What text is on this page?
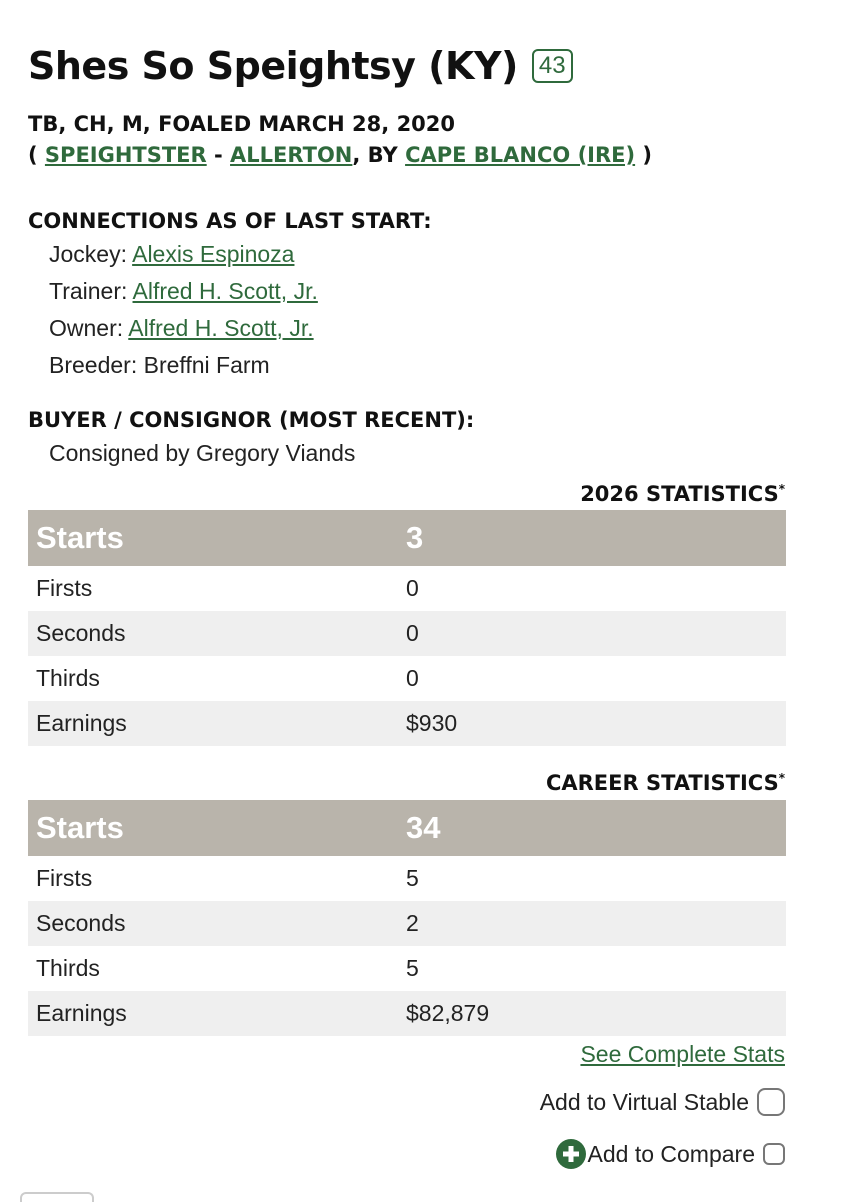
Shes So Speightsy (KY) 43
TB, CH, M, FOALED MARCH 28, 2020
( SPEIGHTSTER - ALLERTON, BY CAPE BLANCO (IRE) )
CONNECTIONS AS OF LAST START:
Jockey: Alexis Espinoza
Trainer: Alfred H. Scott, Jr.
Owner: Alfred H. Scott, Jr.
Breeder: Breffni Farm
BUYER / CONSIGNOR (MOST RECENT):
Consigned by Gregory Viands
2026 STATISTICS*
Starts	3
Firsts	0
Seconds	0
Thirds	0
Earnings	$930
CAREER STATISTICS*
Starts	34
Firsts	5
Seconds	2
Thirds	5
Earnings	$82,879
See Complete Stats
Add to Virtual Stable
Add to Compare
